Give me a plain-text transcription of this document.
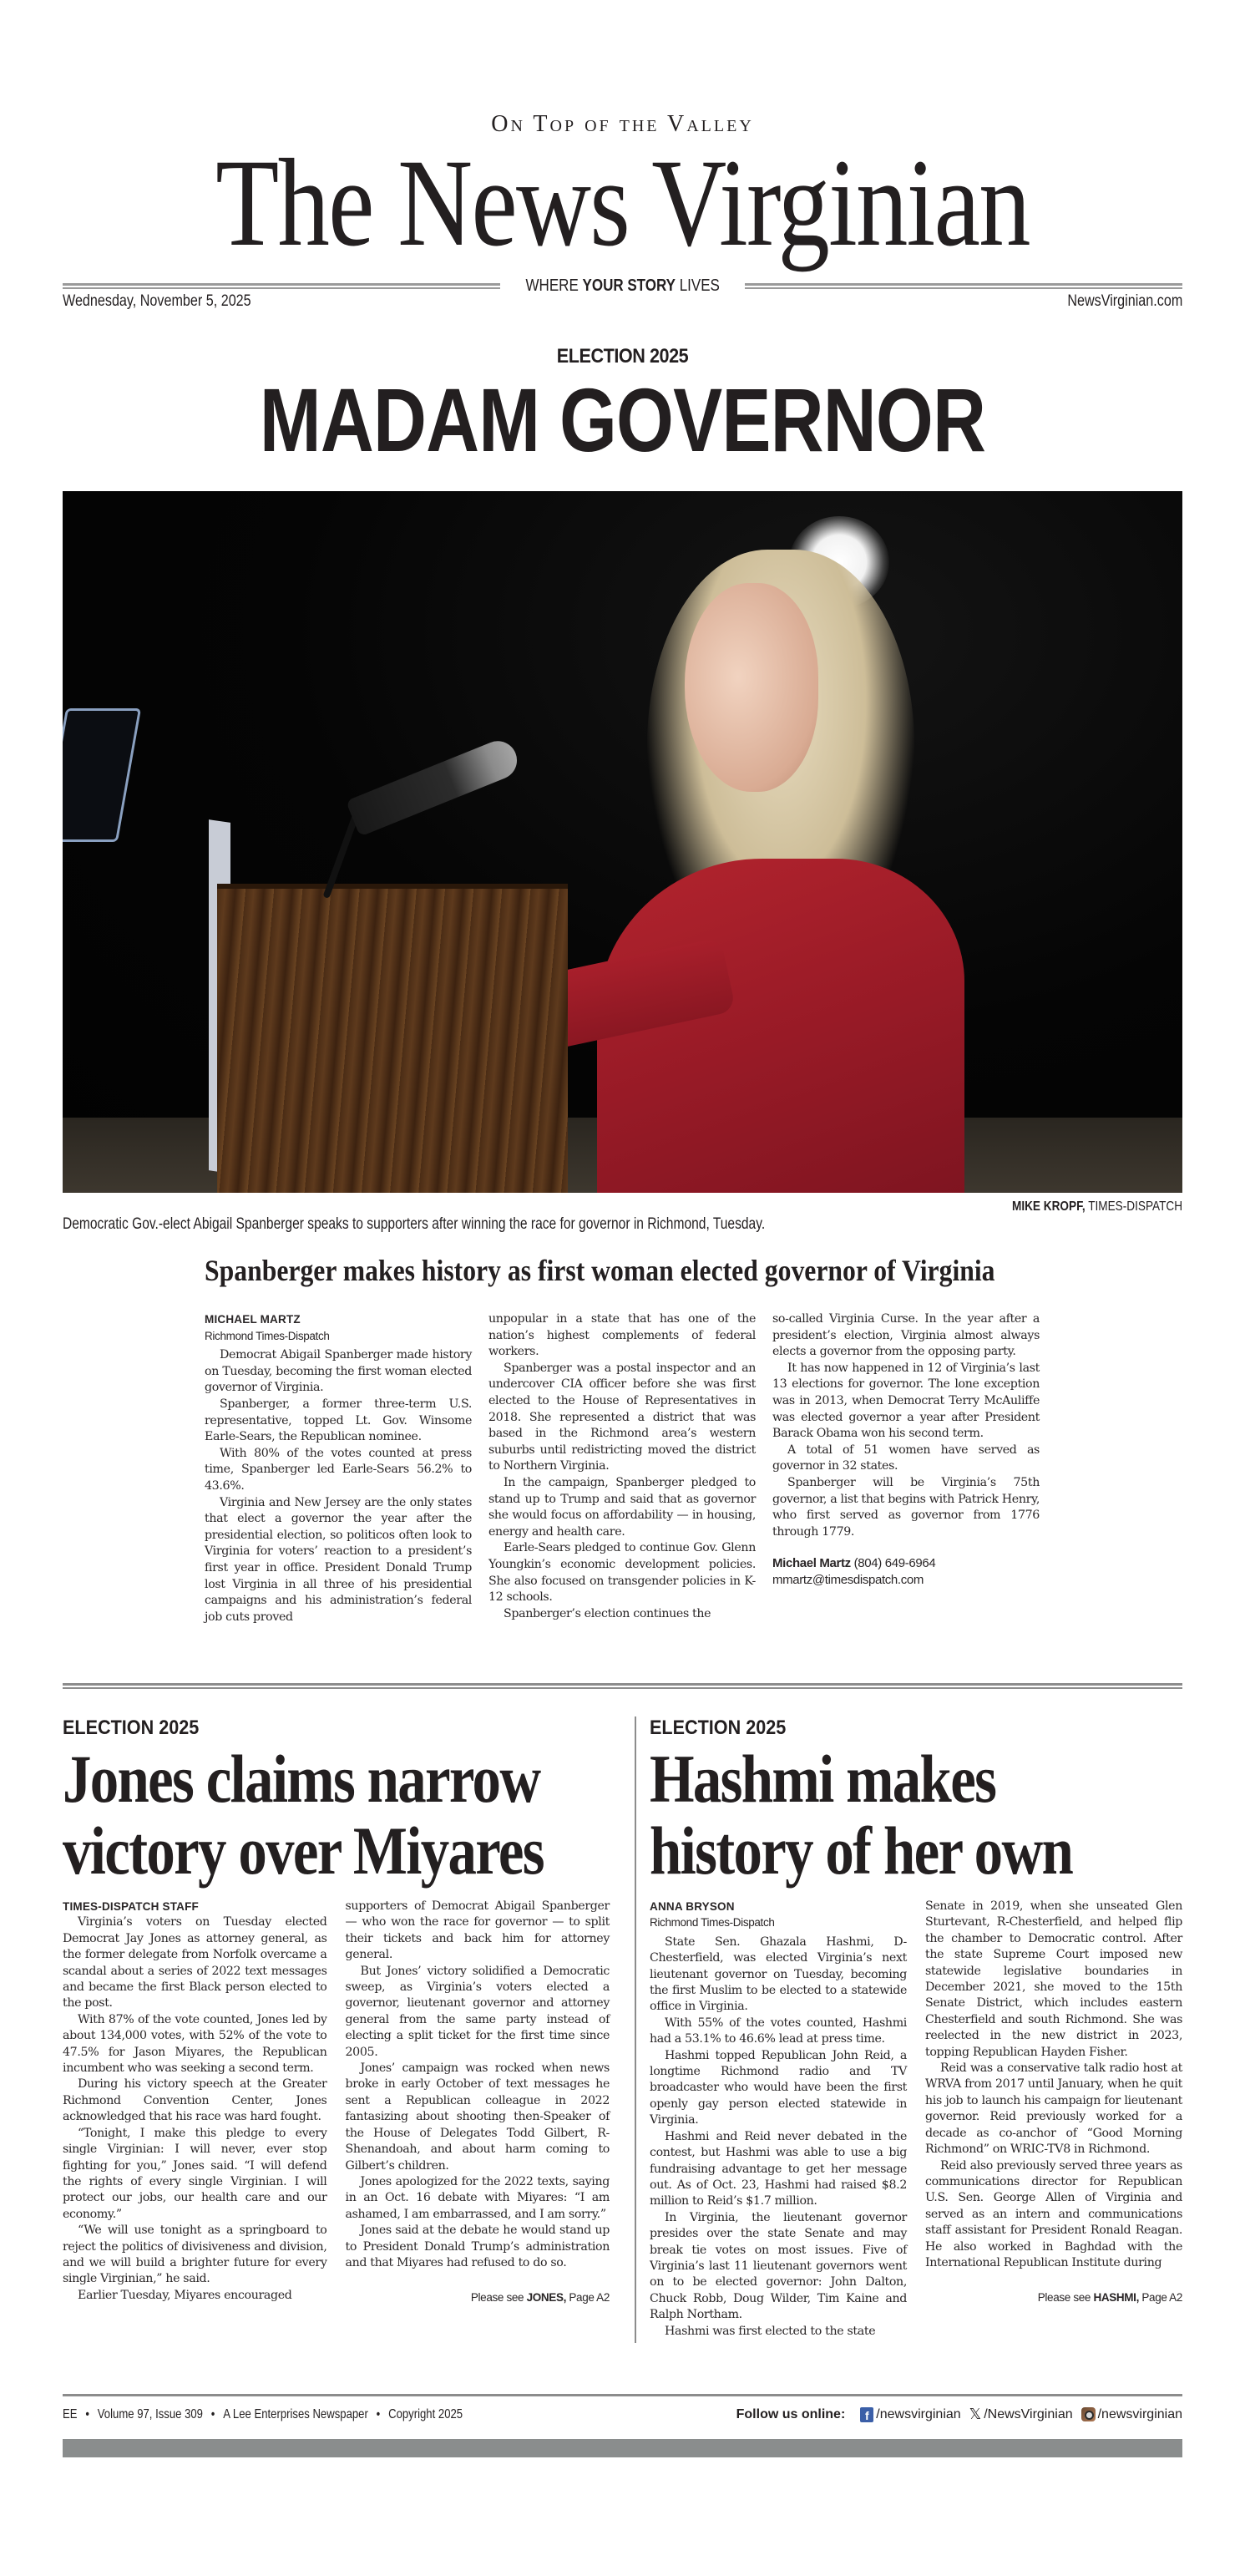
On Top of the Valley
The News Virginian
WHERE YOUR STORY LIVES
Wednesday, November 5, 2025	NewsVirginian.com
ELECTION 2025
MADAM GOVERNOR
MIKE KROPF, TIMES-DISPATCH
Democratic Gov.-elect Abigail Spanberger speaks to supporters after winning the race for governor in Richmond, Tuesday.
Spanberger makes history as first woman elected governor of Virginia
MICHAEL MARTZ
Richmond Times-Dispatch

Democrat Abigail Spanberger made history on Tuesday, becoming the first woman elected governor of Virginia.

Spanberger, a former three-term U.S. representative, topped Lt. Gov. Winsome Earle-Sears, the Republican nominee.

With 80% of the votes counted at press time, Spanberger led Earle-Sears 56.2% to 43.6%.

Virginia and New Jersey are the only states that elect a governor the year after the presidential election, so politicos often look to Virginia for voters’ reaction to a president’s first year in office. President Donald Trump lost Virginia in all three of his presidential campaigns and his administration’s federal job cuts proved

unpopular in a state that has one of the nation’s highest complements of federal workers.

Spanberger was a postal inspector and an undercover CIA officer before she was first elected to the House of Representatives in 2018. She represented a district that was based in the Richmond area’s western suburbs until redistricting moved the district to Northern Virginia.

In the campaign, Spanberger pledged to stand up to Trump and said that as governor she would focus on affordability — in housing, energy and health care.

Earle-Sears pledged to continue Gov. Glenn Youngkin’s economic development policies. She also focused on transgender policies in K-12 schools.

Spanberger’s election continues the

so-called Virginia Curse. In the year after a president’s election, Virginia almost always elects a governor from the opposing party.

It has now happened in 12 of Virginia’s last 13 elections for governor. The lone exception was in 2013, when Democrat Terry McAuliffe was elected governor a year after President Barack Obama won his second term.

A total of 51 women have served as governor in 32 states.

Spanberger will be Virginia’s 75th governor, a list that begins with Patrick Henry, who first served as governor from 1776 through 1779.

Michael Martz (804) 649-6964
mmartz@timesdispatch.com
ELECTION 2025
Jones claims narrow
victory over Miyares
TIMES-DISPATCH STAFF

Virginia’s voters on Tuesday elected Democrat Jay Jones as attorney general, as the former delegate from Norfolk overcame a scandal about a series of 2022 text messages and became the first Black person elected to the post.

With 87% of the vote counted, Jones led by about 134,000 votes, with 52% of the vote to 47.5% for Jason Miyares, the Republican incumbent who was seeking a second term.

During his victory speech at the Greater Richmond Convention Center, Jones acknowledged that his race was hard fought.

“Tonight, I make this pledge to every single Virginian: I will never, ever stop fighting for you,” Jones said. “I will defend the rights of every single Virginian. I will protect our jobs, our health care and our economy.”

“We will use tonight as a springboard to reject the politics of divisiveness and division, and we will build a brighter future for every single Virginian,” he said.

Earlier Tuesday, Miyares encouraged

supporters of Democrat Abigail Spanberger — who won the race for governor — to split their tickets and back him for attorney general.

But Jones’ victory solidified a Democratic sweep, as Virginia’s voters elected a governor, lieutenant governor and attorney general from the same party instead of electing a split ticket for the first time since 2005.

Jones’ campaign was rocked when news broke in early October of text messages he sent a Republican colleague in 2022 fantasizing about shooting then-Speaker of the House of Delegates Todd Gilbert, R-Shenandoah, and about harm coming to Gilbert’s children.

Jones apologized for the 2022 texts, saying in an Oct. 16 debate with Miyares: “I am ashamed, I am embarrassed, and I am sorry.”

Jones said at the debate he would stand up to President Donald Trump’s administration and that Miyares had refused to do so.

Please see JONES, Page A2
ELECTION 2025
Hashmi makes
history of her own
ANNA BRYSON
Richmond Times-Dispatch

State Sen. Ghazala Hashmi, D-Chesterfield, was elected Virginia’s next lieutenant governor on Tuesday, becoming the first Muslim to be elected to a statewide office in Virginia.

With 55% of the votes counted, Hashmi had a 53.1% to 46.6% lead at press time.

Hashmi topped Republican John Reid, a longtime Richmond radio and TV broadcaster who would have been the first openly gay person elected statewide in Virginia.

Hashmi and Reid never debated in the contest, but Hashmi was able to use a big fundraising advantage to get her message out. As of Oct. 23, Hashmi had raised $8.2 million to Reid’s $1.7 million.

In Virginia, the lieutenant governor presides over the state Senate and may break tie votes on most issues. Five of Virginia’s last 11 lieutenant governors went on to be elected governor: John Dalton, Chuck Robb, Doug Wilder, Tim Kaine and Ralph Northam.

Hashmi was first elected to the state

Senate in 2019, when she unseated Glen Sturtevant, R-Chesterfield, and helped flip the chamber to Democratic control. After the state Supreme Court imposed new statewide legislative boundaries in December 2021, she moved to the 15th Senate District, which includes eastern Chesterfield and south Richmond. She was reelected in the new district in 2023, topping Republican Hayden Fisher.

Reid was a conservative talk radio host at WRVA from 2017 until January, when he quit his job to launch his campaign for lieutenant governor. Reid previously worked for a decade as co-anchor of “Good Morning Richmond” on WRIC-TV8 in Richmond.

Reid also previously served three years as communications director for Republican U.S. Sen. George Allen of Virginia and served as an intern and communications staff assistant for President Ronald Reagan. He also worked in Baghdad with the International Republican Institute during

Please see HASHMI, Page A2
EE • Volume 97, Issue 309 • A Lee Enterprises Newspaper • Copyright 2025	Follow us online:	f /newsvirginian 𝕏 /NewsVirginian /newsvirginian
